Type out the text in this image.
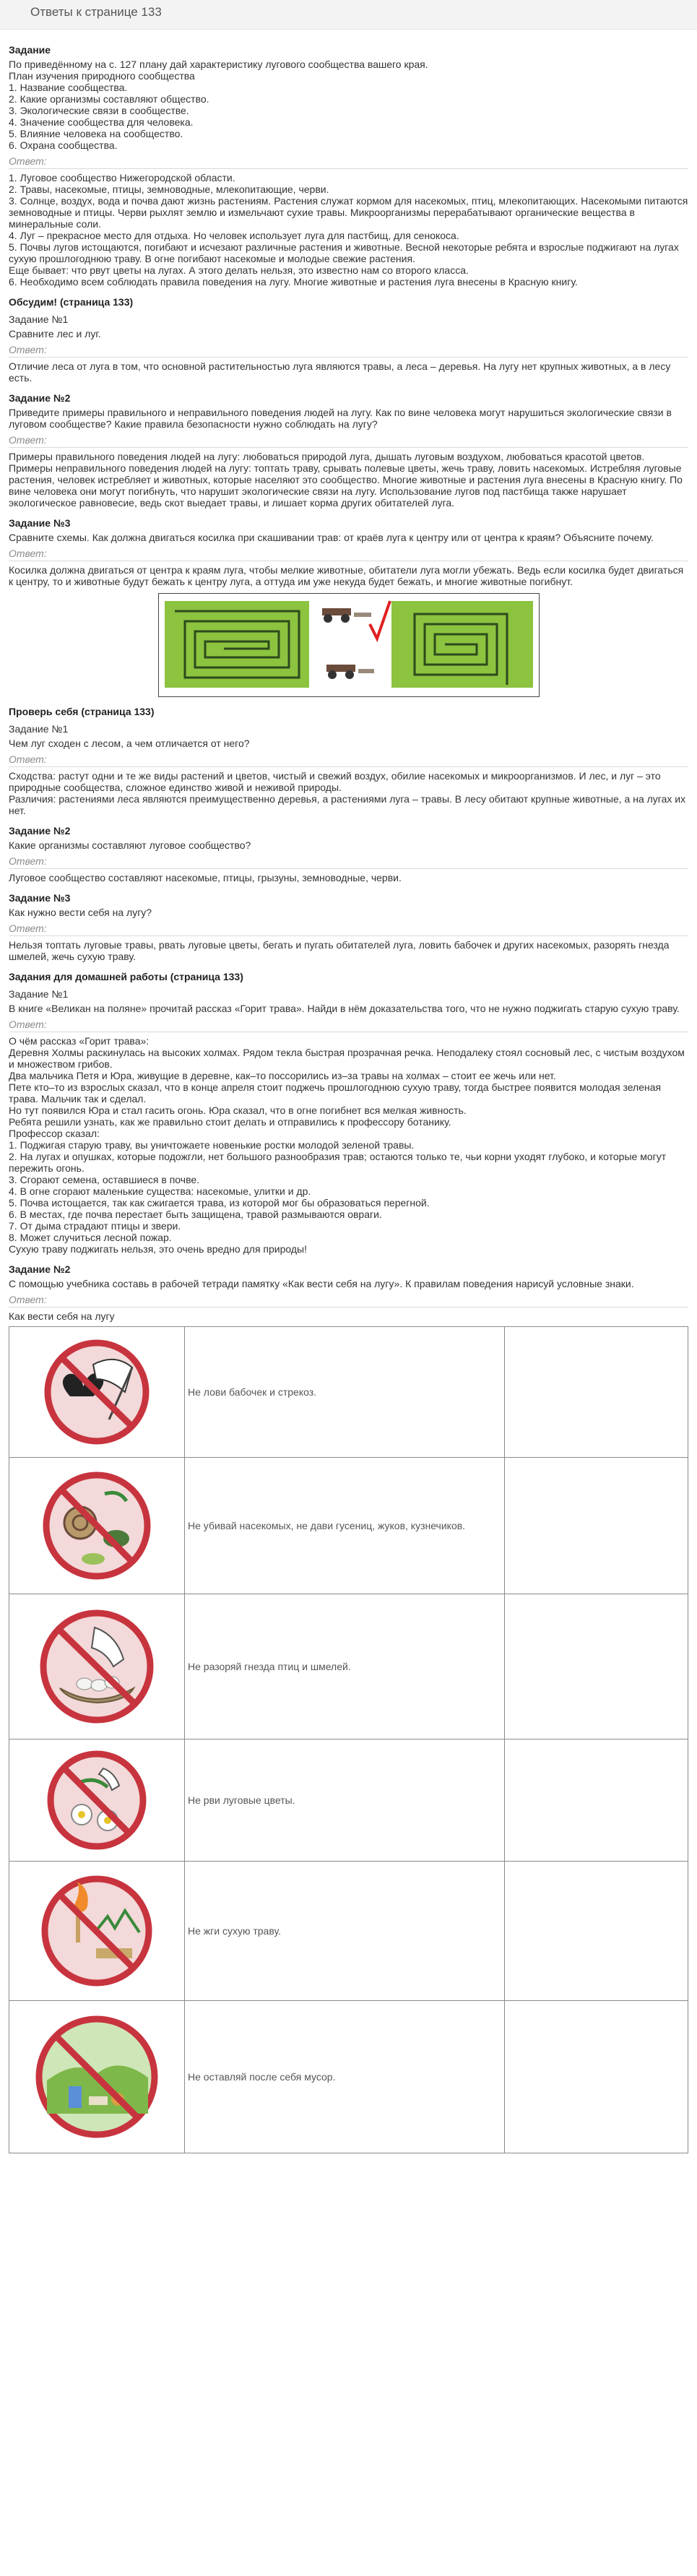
Ответы к странице 133
Задание
По приведённому на с. 127 плану дай характеристику лугового сообщества вашего края.
План изучения природного сообщества
1. Название сообщества.
2. Какие организмы составляют общество.
3. Экологические связи в сообществе.
4. Значение сообщества для человека.
5. Влияние человека на сообщество.
6. Охрана сообщества.
Ответ:
1. Луговое сообщество Нижегородской области.
2. Травы, насекомые, птицы, земноводные, млекопитающие, черви.
3. Солнце, воздух, вода и почва дают жизнь растениям. Растения служат кормом для насекомых, птиц, млекопитающих. Насекомыми питаются земноводные и птицы. Черви рыхлят землю и измельчают сухие травы. Микроорганизмы перерабатывают органические вещества в минеральные соли.
4. Луг – прекрасное место для отдыха. Но человек использует луга для пастбищ, для сенокоса.
5. Почвы лугов истощаются, погибают и исчезают различные растения и животные. Весной некоторые ребята и взрослые поджигают на лугах сухую прошлогоднюю траву. В огне погибают насекомые и молодые свежие растения.
Еще бывает: что рвут цветы на лугах. А этого делать нельзя, это известно нам со второго класса.
6. Необходимо всем соблюдать правила поведения на лугу. Многие животные и растения луга внесены в Красную книгу.
Обсудим! (страница 133)
Задание №1
Сравните лес и луг.
Ответ:
Отличие леса от луга в том, что основной растительностью луга являются травы, а леса – деревья. На лугу нет крупных животных, а в лесу есть.
Задание №2
Приведите примеры правильного и неправильного поведения людей на лугу. Как по вине человека могут нарушиться экологические связи в луговом сообществе? Какие правила безопасности нужно соблюдать на лугу?
Ответ:
Примеры правильного поведения людей на лугу: любоваться природой луга, дышать луговым воздухом, любоваться красотой цветов.
Примеры неправильного поведения людей на лугу: топтать траву, срывать полевые цветы, жечь траву, ловить насекомых. Истребляя луговые растения, человек истребляет и животных, которые населяют это сообщество. Многие животные и растения луга внесены в Красную книгу. По вине человека они могут погибнуть, что нарушит экологические связи на лугу. Использование лугов под пастбища также нарушает экологическое равновесие, ведь скот выедает травы, и лишает корма других обитателей луга.
Задание №3
Сравните схемы. Как должна двигаться косилка при скашивании трав: от краёв луга к центру или от центра к краям? Объясните почему.
Ответ:
Косилка должна двигаться от центра к краям луга, чтобы мелкие животные, обитатели луга могли убежать. Ведь если косилка будет двигаться к центру, то и животные будут бежать к центру луга, а оттуда им уже некуда будет бежать, и многие животные погибнут.
Проверь себя (страница 133)
Задание №1
Чем луг сходен с лесом, а чем отличается от него?
Ответ:
Сходства: растут одни и те же виды растений и цветов, чистый и свежий воздух, обилие насекомых и микроорганизмов. И лес, и луг – это природные сообщества, сложное единство живой и неживой природы.
Различия: растениями леса являются преимущественно деревья, а растениями луга – травы. В лесу обитают крупные животные, а на лугах их нет.
Задание №2
Какие организмы составляют луговое сообщество?
Ответ:
Луговое сообщество составляют насекомые, птицы, грызуны, земноводные, черви.
Задание №3
Как нужно вести себя на лугу?
Ответ:
Нельзя топтать луговые травы, рвать луговые цветы, бегать и пугать обитателей луга, ловить бабочек и других насекомых, разорять гнезда шмелей, жечь сухую траву.
Задания для домашней работы (страница 133)
Задание №1
В книге «Великан на поляне» прочитай рассказ «Горит трава». Найди в нём доказательства того, что не нужно поджигать старую сухую траву.
Ответ:
О чём рассказ «Горит трава»:
Деревня Холмы раскинулась на высоких холмах. Рядом текла быстрая прозрачная речка. Неподалеку стоял сосновый лес, с чистым воздухом и множеством грибов.
Два мальчика Петя и Юра, живущие в деревне, как–то поссорились из–за травы на холмах – стоит ее жечь или нет.
Пете кто–то из взрослых сказал, что в конце апреля стоит поджечь прошлогоднюю сухую траву, тогда быстрее появится молодая зеленая трава. Мальчик так и сделал.
Но тут появился Юра и стал гасить огонь. Юра сказал, что в огне погибнет вся мелкая живность.
Ребята решили узнать, как же правильно стоит делать и отправились к профессору ботанику.
Профессор сказал:
1. Поджигая старую траву, вы уничтожаете новенькие ростки молодой зеленой травы.
2. На лугах и опушках, которые подожгли, нет большого разнообразия трав; остаются только те, чьи корни уходят глубоко, и которые могут пережить огонь.
3. Сгорают семена, оставшиеся в почве.
4. В огне сгорают маленькие существа: насекомые, улитки и др.
5. Почва истощается, так как сжигается трава, из которой мог бы образоваться перегной.
6. В местах, где почва перестает быть защищена, травой размываются овраги.
7. От дыма страдают птицы и звери.
8. Может случиться лесной пожар.
Сухую траву поджигать нельзя, это очень вредно для природы!
Задание №2
С помощью учебника составь в рабочей тетради памятку «Как вести себя на лугу». К правилам поведения нарисуй условные знаки.
Ответ:
Как вести себя на лугу
	Не лови бабочек и стрекоз.	

	Не убивай насекомых, не дави гусениц, жуков, кузнечиков.	

	Не разоряй гнезда птиц и шмелей.	

	Не рви луговые цветы.	

	Не жги сухую траву.	

	Не оставляй после себя мусор.	
